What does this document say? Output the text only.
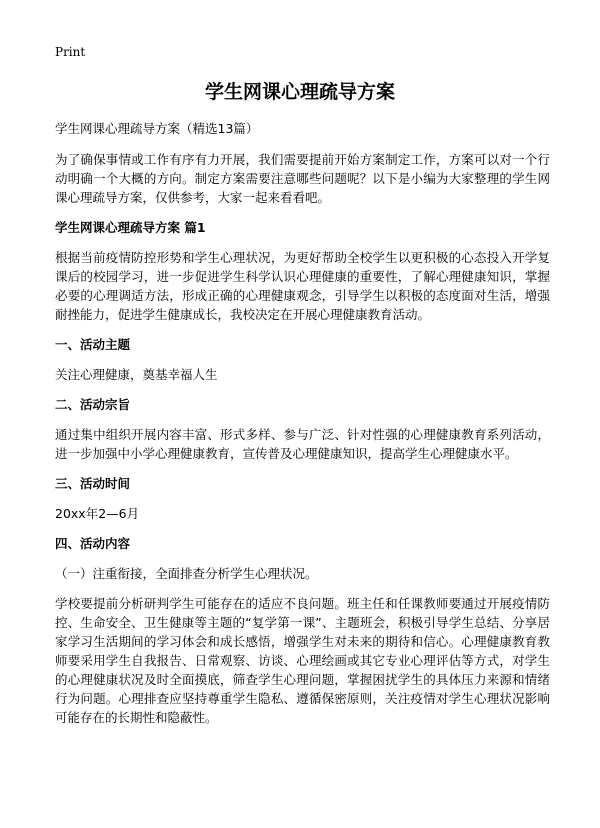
Print
学生网课心理疏导方案
学生网课心理疏导方案（精选13篇）
为了确保事情或工作有序有力开展，我们需要提前开始方案制定工作，方案可以对一个行动明确一个大概的方向。制定方案需要注意哪些问题呢？以下是小编为大家整理的学生网课心理疏导方案，仅供参考，大家一起来看看吧。
学生网课心理疏导方案 篇1
根据当前疫情防控形势和学生心理状况，为更好帮助全校学生以更积极的心态投入开学复课后的校园学习，进一步促进学生科学认识心理健康的重要性，了解心理健康知识，掌握必要的心理调适方法，形成正确的心理健康观念，引导学生以积极的态度面对生活，增强耐挫能力，促进学生健康成长，我校决定在开展心理健康教育活动。
一、活动主题
关注心理健康，奠基幸福人生
二、活动宗旨
通过集中组织开展内容丰富、形式多样、参与广泛、针对性强的心理健康教育系列活动，进一步加强中小学心理健康教育，宣传普及心理健康知识，提高学生心理健康水平。
三、活动时间
20xx年2—6月
四、活动内容
（一）注重衔接，全面排查分析学生心理状况。
学校要提前分析研判学生可能存在的适应不良问题。班主任和任课教师要通过开展疫情防控、生命安全、卫生健康等主题的“复学第一课”、主题班会，积极引导学生总结、分享居家学习生活期间的学习体会和成长感悟，增强学生对未来的期待和信心。心理健康教育教师要采用学生自我报告、日常观察、访谈、心理绘画或其它专业心理评估等方式，对学生的心理健康状况及时全面摸底，筛查学生心理问题，掌握困扰学生的具体压力来源和情绪行为问题。心理排查应坚持尊重学生隐私、遵循保密原则，关注疫情对学生心理状况影响可能存在的长期性和隐蔽性。
